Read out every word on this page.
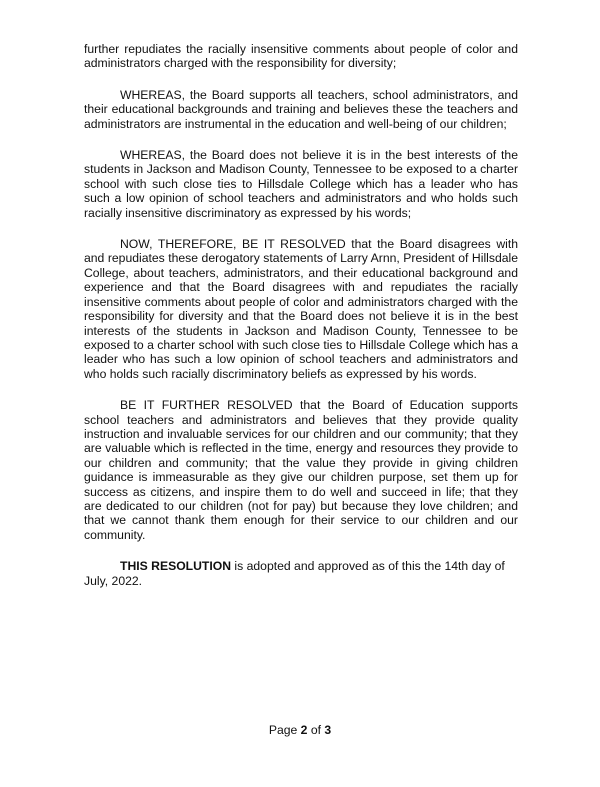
further repudiates the racially insensitive comments about people of color and administrators charged with the responsibility for diversity;

WHEREAS, the Board supports all teachers, school administrators, and their educational backgrounds and training and believes these the teachers and administrators are instrumental in the education and well-being of our children;

WHEREAS, the Board does not believe it is in the best interests of the students in Jackson and Madison County, Tennessee to be exposed to a charter school with such close ties to Hillsdale College which has a leader who has such a low opinion of school teachers and administrators and who holds such racially insensitive discriminatory as expressed by his words;

NOW, THEREFORE, BE IT RESOLVED that the Board disagrees with and repudiates these derogatory statements of Larry Arnn, President of Hillsdale College, about teachers, administrators, and their educational background and experience and that the Board disagrees with and repudiates the racially insensitive comments about people of color and administrators charged with the responsibility for diversity and that the Board does not believe it is in the best interests of the students in Jackson and Madison County, Tennessee to be exposed to a charter school with such close ties to Hillsdale College which has a leader who has such a low opinion of school teachers and administrators and who holds such racially discriminatory beliefs as expressed by his words.

BE IT FURTHER RESOLVED that the Board of Education supports school teachers and administrators and believes that they provide quality instruction and invaluable services for our children and our community; that they are valuable which is reflected in the time, energy and resources they provide to our children and community; that the value they provide in giving children guidance is immeasurable as they give our children purpose, set them up for success as citizens, and inspire them to do well and succeed in life; that they are dedicated to our children (not for pay) but because they love children; and that we cannot thank them enough for their service to our children and our community.

THIS RESOLUTION is adopted and approved as of this the 14th day of July, 2022.

Page 2 of 3
